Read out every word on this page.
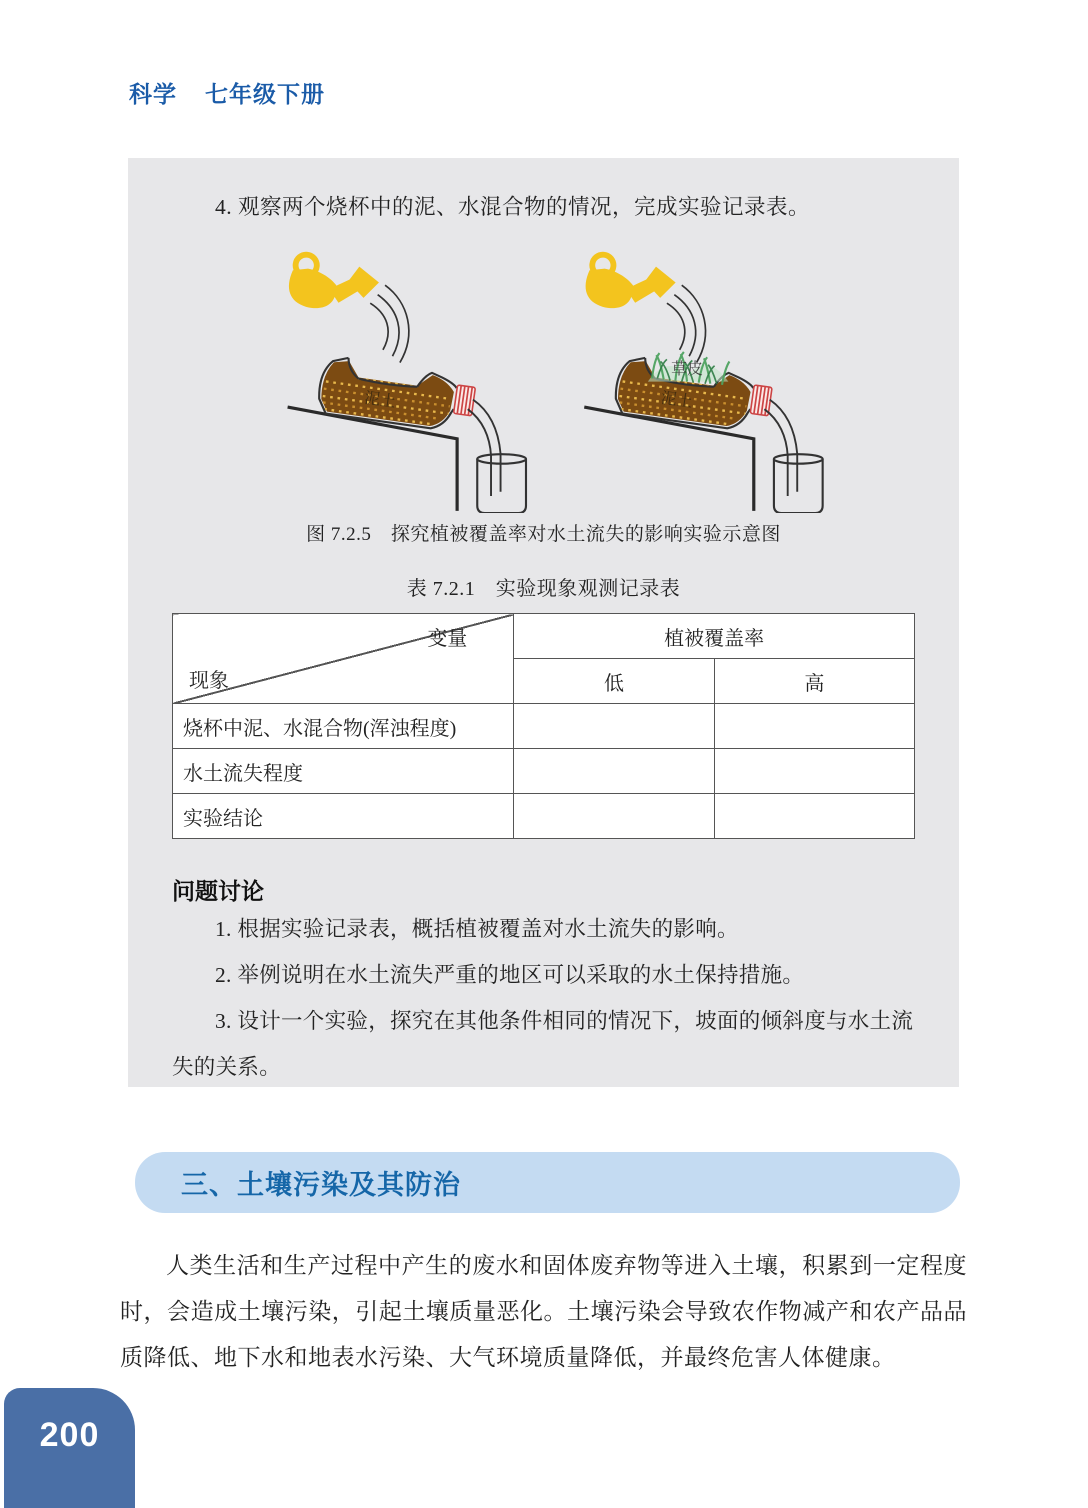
科学 七年级下册

4. 观察两个烧杯中的泥、水混合物的情况，完成实验记录表。

草皮
图 7.2.5　探究植被覆盖率对水土流失的影响实验示意图
表 7.2.1　实验现象观测记录表
变量
现象	植被覆盖率	
	低	高
烧杯中泥、水混合物(浑浊程度)		
水土流失程度		
实验结论		
问题讨论

1. 根据实验记录表，概括植被覆盖对水土流失的影响。

2. 举例说明在水土流失严重的地区可以采取的水土保持措施。

3. 设计一个实验，探究在其他条件相同的情况下，坡面的倾斜度与水土流失的关系。

三、土壤污染及其防治

人类生活和生产过程中产生的废水和固体废弃物等进入土壤，积累到一定程度时，会造成土壤污染，引起土壤质量恶化。土壤污染会导致农作物减产和农产品品质降低、地下水和地表水污染、大气环境质量降低，并最终危害人体健康。

200
